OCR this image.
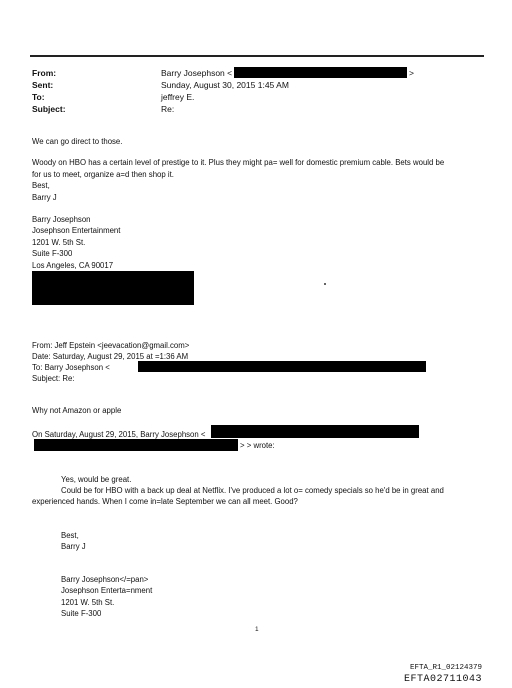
From:	Barry Josephson <	>
Sent:	Sunday, August 30, 2015 1:45 AM
To:	jeffrey E.
Subject:	Re:
We can go direct to those.
Woody on HBO has a certain level of prestige to it. Plus they might pa= well for domestic premium cable. Bets would be
for us to meet, organize a=d then shop it.
Best,
Barry J
Barry Josephson
Josephson Entertainment
1201 W. 5th St.
Suite F-300
Los Angeles, CA 90017
From: Jeff Epstein <jeevacation@gmail.com>
Date: Saturday, August 29, 2015 at =1:36 AM
To: Barry Josephson <
Subject: Re:
Why not Amazon or apple
On Saturday, August 29, 2015, Barry Josephson <
> > wrote:
Yes, would be great.
Could be for HBO with a back up deal at Netflix. I've produced a lot o= comedy specials so he'd be in great and
experienced hands. When I come in=late September we can all meet. Good?
Best,
Barry J
Barry Josephson</=pan>
Josephson Enterta=nment
1201 W. 5th St.
Suite F-300
1
EFTA_R1_02124379
EFTA02711043
